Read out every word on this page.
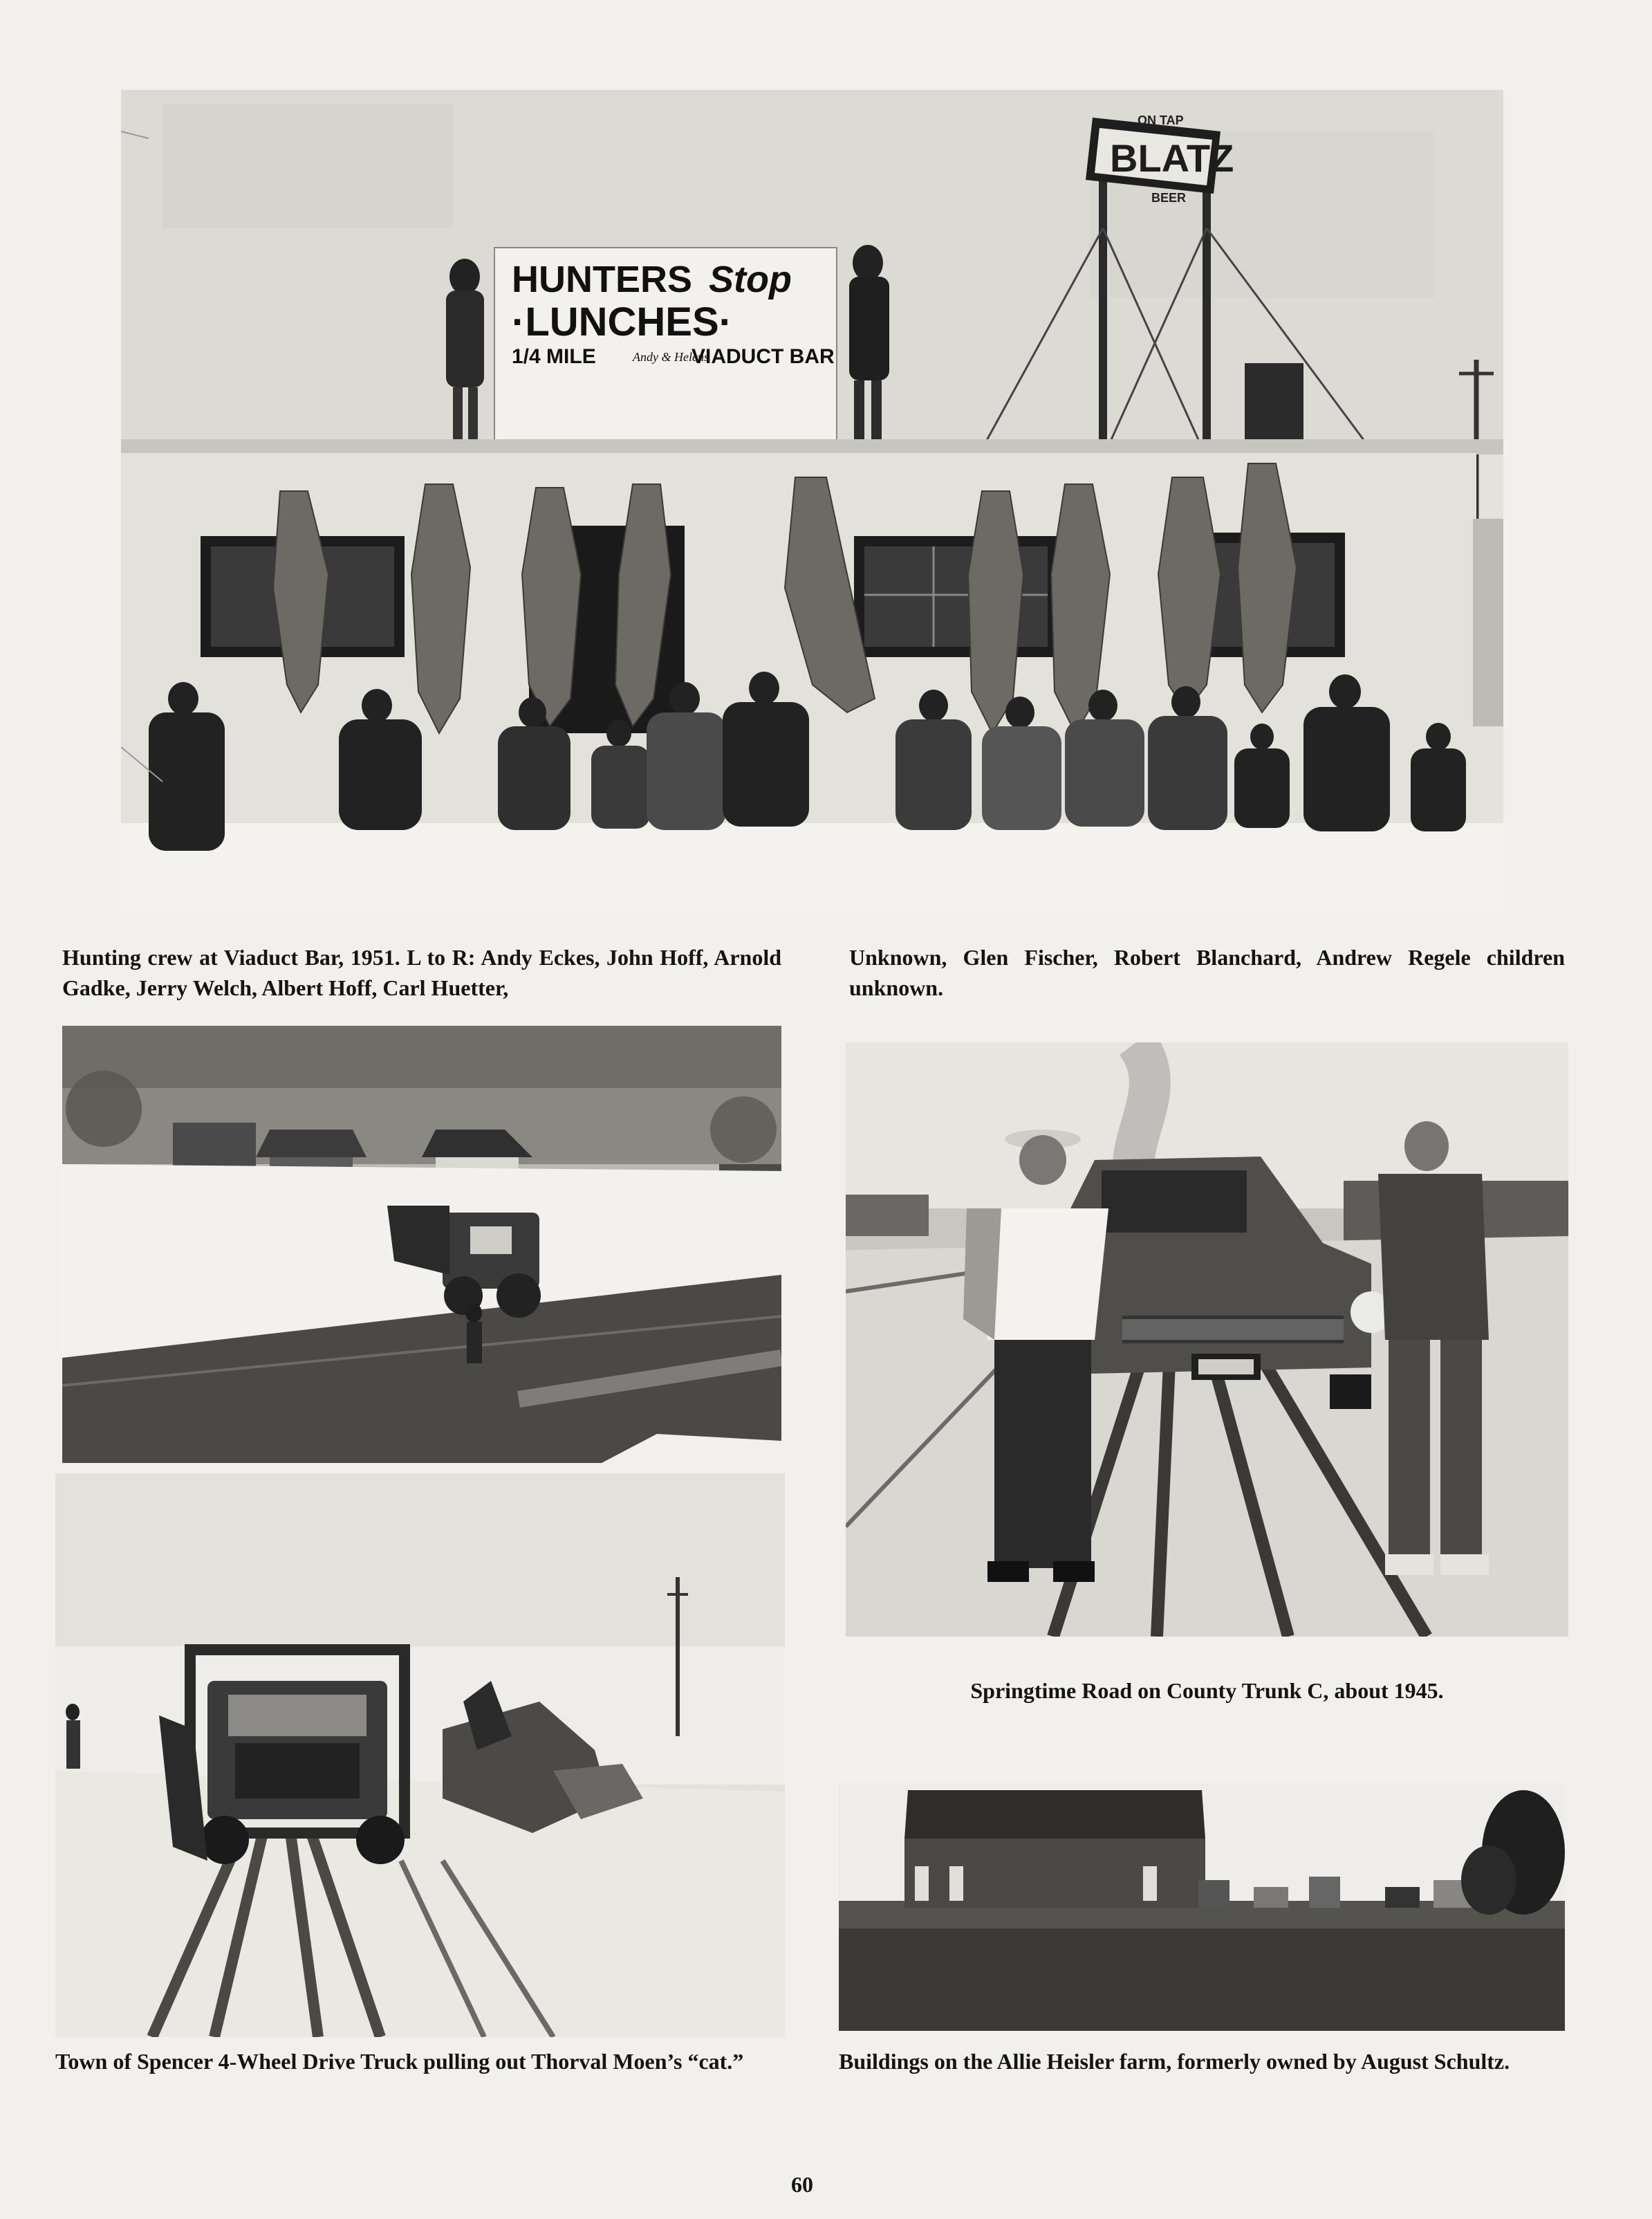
ON TAP
BLATZ
BEER
HUNTERS Stop
·LUNCHES·
1/4 MILE	Andy & Helens
VIADUCT BAR
Hunting crew at Viaduct Bar, 1951. L to R: Andy Eckes, John Hoff, Arnold Gadke, Jerry Welch, Albert Hoff, Carl Huetter,
Unknown, Glen Fischer, Robert Blanchard, Andrew Regele children unknown.
Springtime Road on County Trunk C, about 1945.
Town of Spencer 4-Wheel Drive Truck pulling out Thorval Moen’s “cat.”	Buildings on the Allie Heisler farm, formerly owned by August Schultz.
60
